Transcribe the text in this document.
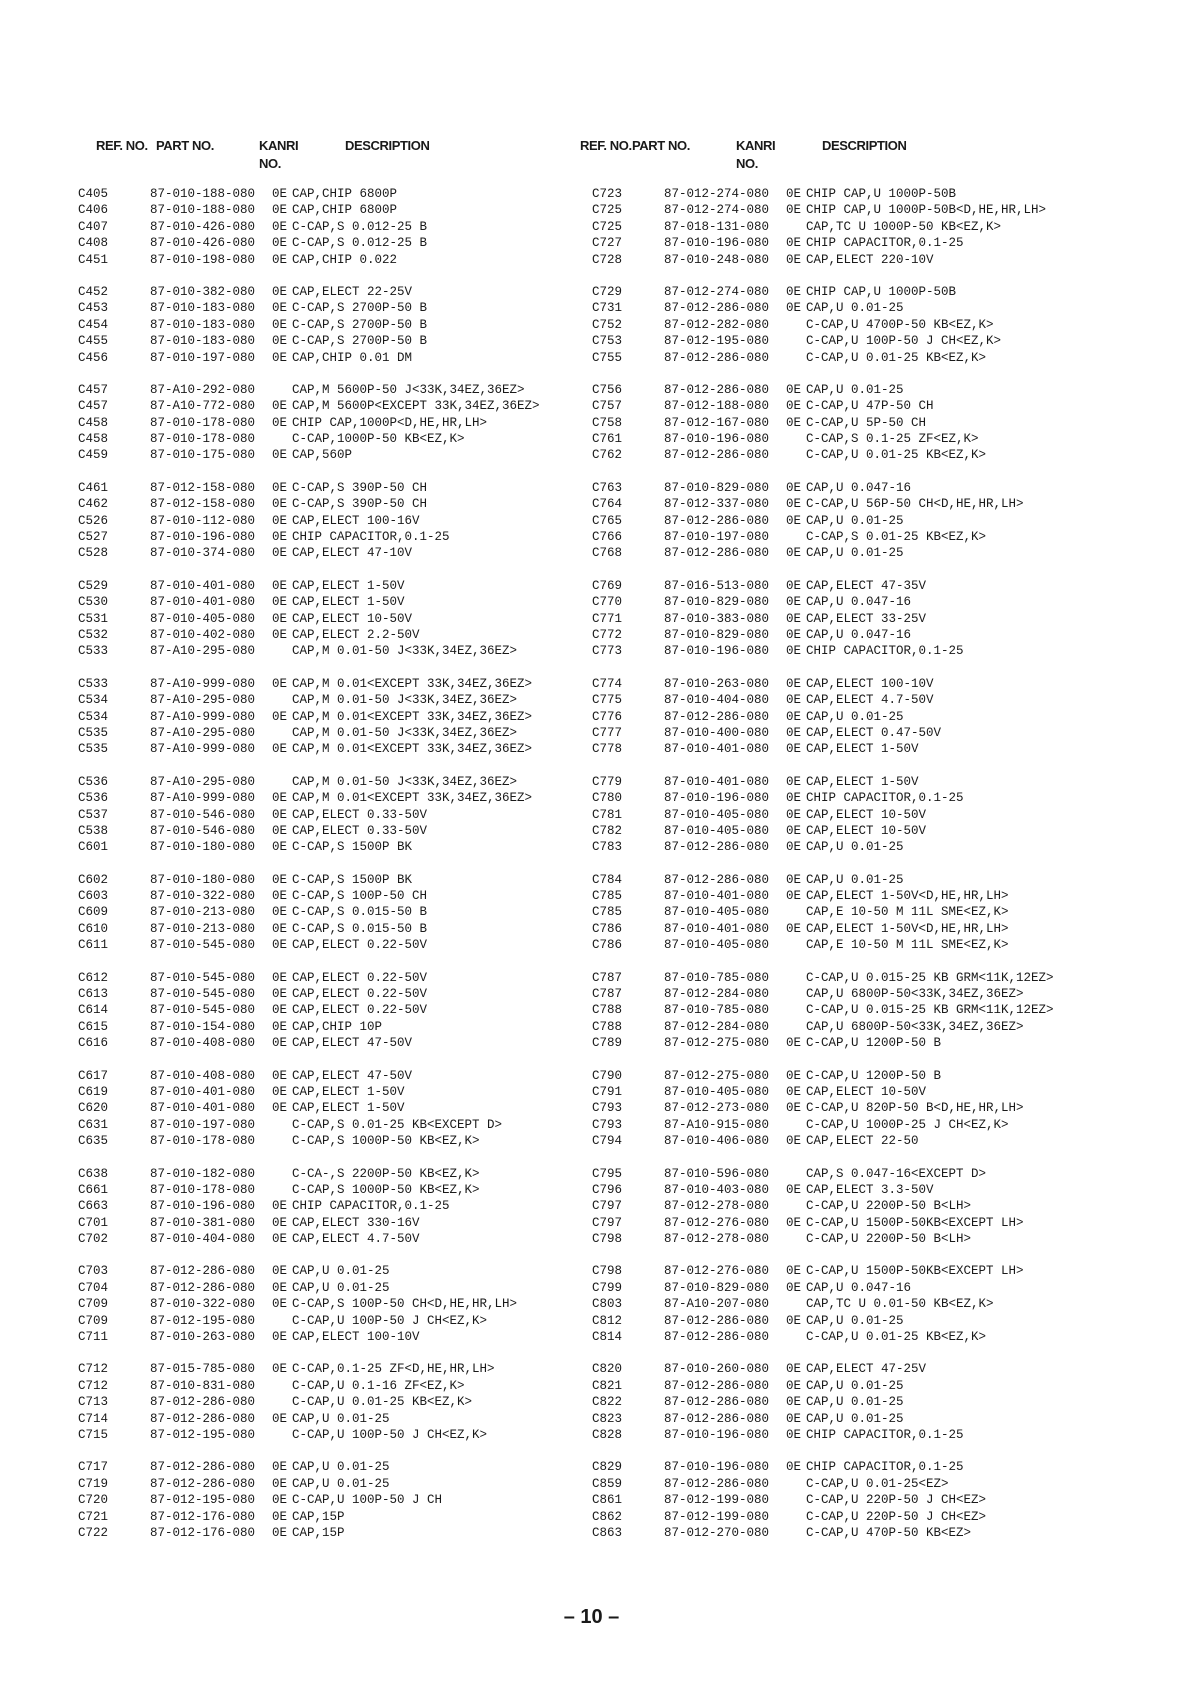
REF. NO. PART NO.	KANRI
NO.
DESCRIPTION
C405	87-010-188-080	0E CAP,CHIP 6800P
C406	87-010-188-080	0E CAP,CHIP 6800P
C407	87-010-426-080	0E C-CAP,S 0.012-25 B
C408	87-010-426-080	0E C-CAP,S 0.012-25 B
C451	87-010-198-080	0E CAP,CHIP 0.022
C452	87-010-382-080	0E CAP,ELECT 22-25V
C453	87-010-183-080	0E C-CAP,S 2700P-50 B
C454	87-010-183-080	0E C-CAP,S 2700P-50 B
C455	87-010-183-080	0E C-CAP,S 2700P-50 B
C456	87-010-197-080	0E CAP,CHIP 0.01 DM
C457	87-A10-292-080	CAP,M 5600P-50 J<33K,34EZ,36EZ>
C457	87-A10-772-080	0E CAP,M 5600P<EXCEPT 33K,34EZ,36EZ>
C458	87-010-178-080	0E CHIP CAP,1000P<D,HE,HR,LH>
C458	87-010-178-080	C-CAP,1000P-50 KB<EZ,K>
C459	87-010-175-080	0E CAP,560P
C461	87-012-158-080	0E C-CAP,S 390P-50 CH
C462	87-012-158-080	0E C-CAP,S 390P-50 CH
C526	87-010-112-080	0E CAP,ELECT 100-16V
C527	87-010-196-080	0E CHIP CAPACITOR,0.1-25
C528	87-010-374-080	0E CAP,ELECT 47-10V
C529	87-010-401-080	0E CAP,ELECT 1-50V
C530	87-010-401-080	0E CAP,ELECT 1-50V
C531	87-010-405-080	0E CAP,ELECT 10-50V
C532	87-010-402-080	0E CAP,ELECT 2.2-50V
C533	87-A10-295-080	CAP,M 0.01-50 J<33K,34EZ,36EZ>
C533	87-A10-999-080	0E CAP,M 0.01<EXCEPT 33K,34EZ,36EZ>
C534	87-A10-295-080	CAP,M 0.01-50 J<33K,34EZ,36EZ>
C534	87-A10-999-080	0E CAP,M 0.01<EXCEPT 33K,34EZ,36EZ>
C535	87-A10-295-080	CAP,M 0.01-50 J<33K,34EZ,36EZ>
C535	87-A10-999-080	0E CAP,M 0.01<EXCEPT 33K,34EZ,36EZ>
C536	87-A10-295-080	CAP,M 0.01-50 J<33K,34EZ,36EZ>
C536	87-A10-999-080	0E CAP,M 0.01<EXCEPT 33K,34EZ,36EZ>
C537	87-010-546-080	0E CAP,ELECT 0.33-50V
C538	87-010-546-080	0E CAP,ELECT 0.33-50V
C601	87-010-180-080	0E C-CAP,S 1500P BK
C602	87-010-180-080	0E C-CAP,S 1500P BK
C603	87-010-322-080	0E C-CAP,S 100P-50 CH
C609	87-010-213-080	0E C-CAP,S 0.015-50 B
C610	87-010-213-080	0E C-CAP,S 0.015-50 B
C611	87-010-545-080	0E CAP,ELECT 0.22-50V
C612	87-010-545-080	0E CAP,ELECT 0.22-50V
C613	87-010-545-080	0E CAP,ELECT 0.22-50V
C614	87-010-545-080	0E CAP,ELECT 0.22-50V
C615	87-010-154-080	0E CAP,CHIP 10P
C616	87-010-408-080	0E CAP,ELECT 47-50V
C617	87-010-408-080	0E CAP,ELECT 47-50V
C619	87-010-401-080	0E CAP,ELECT 1-50V
C620	87-010-401-080	0E CAP,ELECT 1-50V
C631	87-010-197-080	C-CAP,S 0.01-25 KB<EXCEPT D>
C635	87-010-178-080	C-CAP,S 1000P-50 KB<EZ,K>
C638	87-010-182-080	C-CA-,S 2200P-50 KB<EZ,K>
C661	87-010-178-080	C-CAP,S 1000P-50 KB<EZ,K>
C663	87-010-196-080	0E CHIP CAPACITOR,0.1-25
C701	87-010-381-080	0E CAP,ELECT 330-16V
C702	87-010-404-080	0E CAP,ELECT 4.7-50V
C703	87-012-286-080	0E CAP,U 0.01-25
C704	87-012-286-080	0E CAP,U 0.01-25
C709	87-010-322-080	0E C-CAP,S 100P-50 CH<D,HE,HR,LH>
C709	87-012-195-080	C-CAP,U 100P-50 J CH<EZ,K>
C711	87-010-263-080	0E CAP,ELECT 100-10V
C712	87-015-785-080	0E C-CAP,0.1-25 ZF<D,HE,HR,LH>
C712	87-010-831-080	C-CAP,U 0.1-16 ZF<EZ,K>
C713	87-012-286-080	C-CAP,U 0.01-25 KB<EZ,K>
C714	87-012-286-080	0E CAP,U 0.01-25
C715	87-012-195-080	C-CAP,U 100P-50 J CH<EZ,K>
C717	87-012-286-080	0E CAP,U 0.01-25
C719	87-012-286-080	0E CAP,U 0.01-25
C720	87-012-195-080	0E C-CAP,U 100P-50 J CH
C721	87-012-176-080	0E CAP,15P
C722	87-012-176-080	0E CAP,15P
REF. NO. PART NO.	KANRI
NO.
DESCRIPTION
C723	87-012-274-080	0E CHIP CAP,U 1000P-50B
C725	87-012-274-080	0E CHIP CAP,U 1000P-50B<D,HE,HR,LH>
C725	87-018-131-080	CAP,TC U 1000P-50 KB<EZ,K>
C727	87-010-196-080	0E CHIP CAPACITOR,0.1-25
C728	87-010-248-080	0E CAP,ELECT 220-10V
C729	87-012-274-080	0E CHIP CAP,U 1000P-50B
C731	87-012-286-080	0E CAP,U 0.01-25
C752	87-012-282-080	C-CAP,U 4700P-50 KB<EZ,K>
C753	87-012-195-080	C-CAP,U 100P-50 J CH<EZ,K>
C755	87-012-286-080	C-CAP,U 0.01-25 KB<EZ,K>
C756	87-012-286-080	0E CAP,U 0.01-25
C757	87-012-188-080	0E C-CAP,U 47P-50 CH
C758	87-012-167-080	0E C-CAP,U 5P-50 CH
C761	87-010-196-080	C-CAP,S 0.1-25 ZF<EZ,K>
C762	87-012-286-080	C-CAP,U 0.01-25 KB<EZ,K>
C763	87-010-829-080	0E CAP,U 0.047-16
C764	87-012-337-080	0E C-CAP,U 56P-50 CH<D,HE,HR,LH>
C765	87-012-286-080	0E CAP,U 0.01-25
C766	87-010-197-080	C-CAP,S 0.01-25 KB<EZ,K>
C768	87-012-286-080	0E CAP,U 0.01-25
C769	87-016-513-080	0E CAP,ELECT 47-35V
C770	87-010-829-080	0E CAP,U 0.047-16
C771	87-010-383-080	0E CAP,ELECT 33-25V
C772	87-010-829-080	0E CAP,U 0.047-16
C773	87-010-196-080	0E CHIP CAPACITOR,0.1-25
C774	87-010-263-080	0E CAP,ELECT 100-10V
C775	87-010-404-080	0E CAP,ELECT 4.7-50V
C776	87-012-286-080	0E CAP,U 0.01-25
C777	87-010-400-080	0E CAP,ELECT 0.47-50V
C778	87-010-401-080	0E CAP,ELECT 1-50V
C779	87-010-401-080	0E CAP,ELECT 1-50V
C780	87-010-196-080	0E CHIP CAPACITOR,0.1-25
C781	87-010-405-080	0E CAP,ELECT 10-50V
C782	87-010-405-080	0E CAP,ELECT 10-50V
C783	87-012-286-080	0E CAP,U 0.01-25
C784	87-012-286-080	0E CAP,U 0.01-25
C785	87-010-401-080	0E CAP,ELECT 1-50V<D,HE,HR,LH>
C785	87-010-405-080	CAP,E 10-50 M 11L SME<EZ,K>
C786	87-010-401-080	0E CAP,ELECT 1-50V<D,HE,HR,LH>
C786	87-010-405-080	CAP,E 10-50 M 11L SME<EZ,K>
C787	87-010-785-080	C-CAP,U 0.015-25 KB GRM<11K,12EZ>
C787	87-012-284-080	CAP,U 6800P-50<33K,34EZ,36EZ>
C788	87-010-785-080	C-CAP,U 0.015-25 KB GRM<11K,12EZ>
C788	87-012-284-080	CAP,U 6800P-50<33K,34EZ,36EZ>
C789	87-012-275-080	0E C-CAP,U 1200P-50 B
C790	87-012-275-080	0E C-CAP,U 1200P-50 B
C791	87-010-405-080	0E CAP,ELECT 10-50V
C793	87-012-273-080	0E C-CAP,U 820P-50 B<D,HE,HR,LH>
C793	87-A10-915-080	C-CAP,U 1000P-25 J CH<EZ,K>
C794	87-010-406-080	0E CAP,ELECT 22-50
C795	87-010-596-080	CAP,S 0.047-16<EXCEPT D>
C796	87-010-403-080	0E CAP,ELECT 3.3-50V
C797	87-012-278-080	C-CAP,U 2200P-50 B<LH>
C797	87-012-276-080	0E C-CAP,U 1500P-50KB<EXCEPT LH>
C798	87-012-278-080	C-CAP,U 2200P-50 B<LH>
C798	87-012-276-080	0E C-CAP,U 1500P-50KB<EXCEPT LH>
C799	87-010-829-080	0E CAP,U 0.047-16
C803	87-A10-207-080	CAP,TC U 0.01-50 KB<EZ,K>
C812	87-012-286-080	0E CAP,U 0.01-25
C814	87-012-286-080	C-CAP,U 0.01-25 KB<EZ,K>
C820	87-010-260-080	0E CAP,ELECT 47-25V
C821	87-012-286-080	0E CAP,U 0.01-25
C822	87-012-286-080	0E CAP,U 0.01-25
C823	87-012-286-080	0E CAP,U 0.01-25
C828	87-010-196-080	0E CHIP CAPACITOR,0.1-25
C829	87-010-196-080	0E CHIP CAPACITOR,0.1-25
C859	87-012-286-080	C-CAP,U 0.01-25<EZ>
C861	87-012-199-080	C-CAP,U 220P-50 J CH<EZ>
C862	87-012-199-080	C-CAP,U 220P-50 J CH<EZ>
C863	87-012-270-080	C-CAP,U 470P-50 KB<EZ>
– 10 –
